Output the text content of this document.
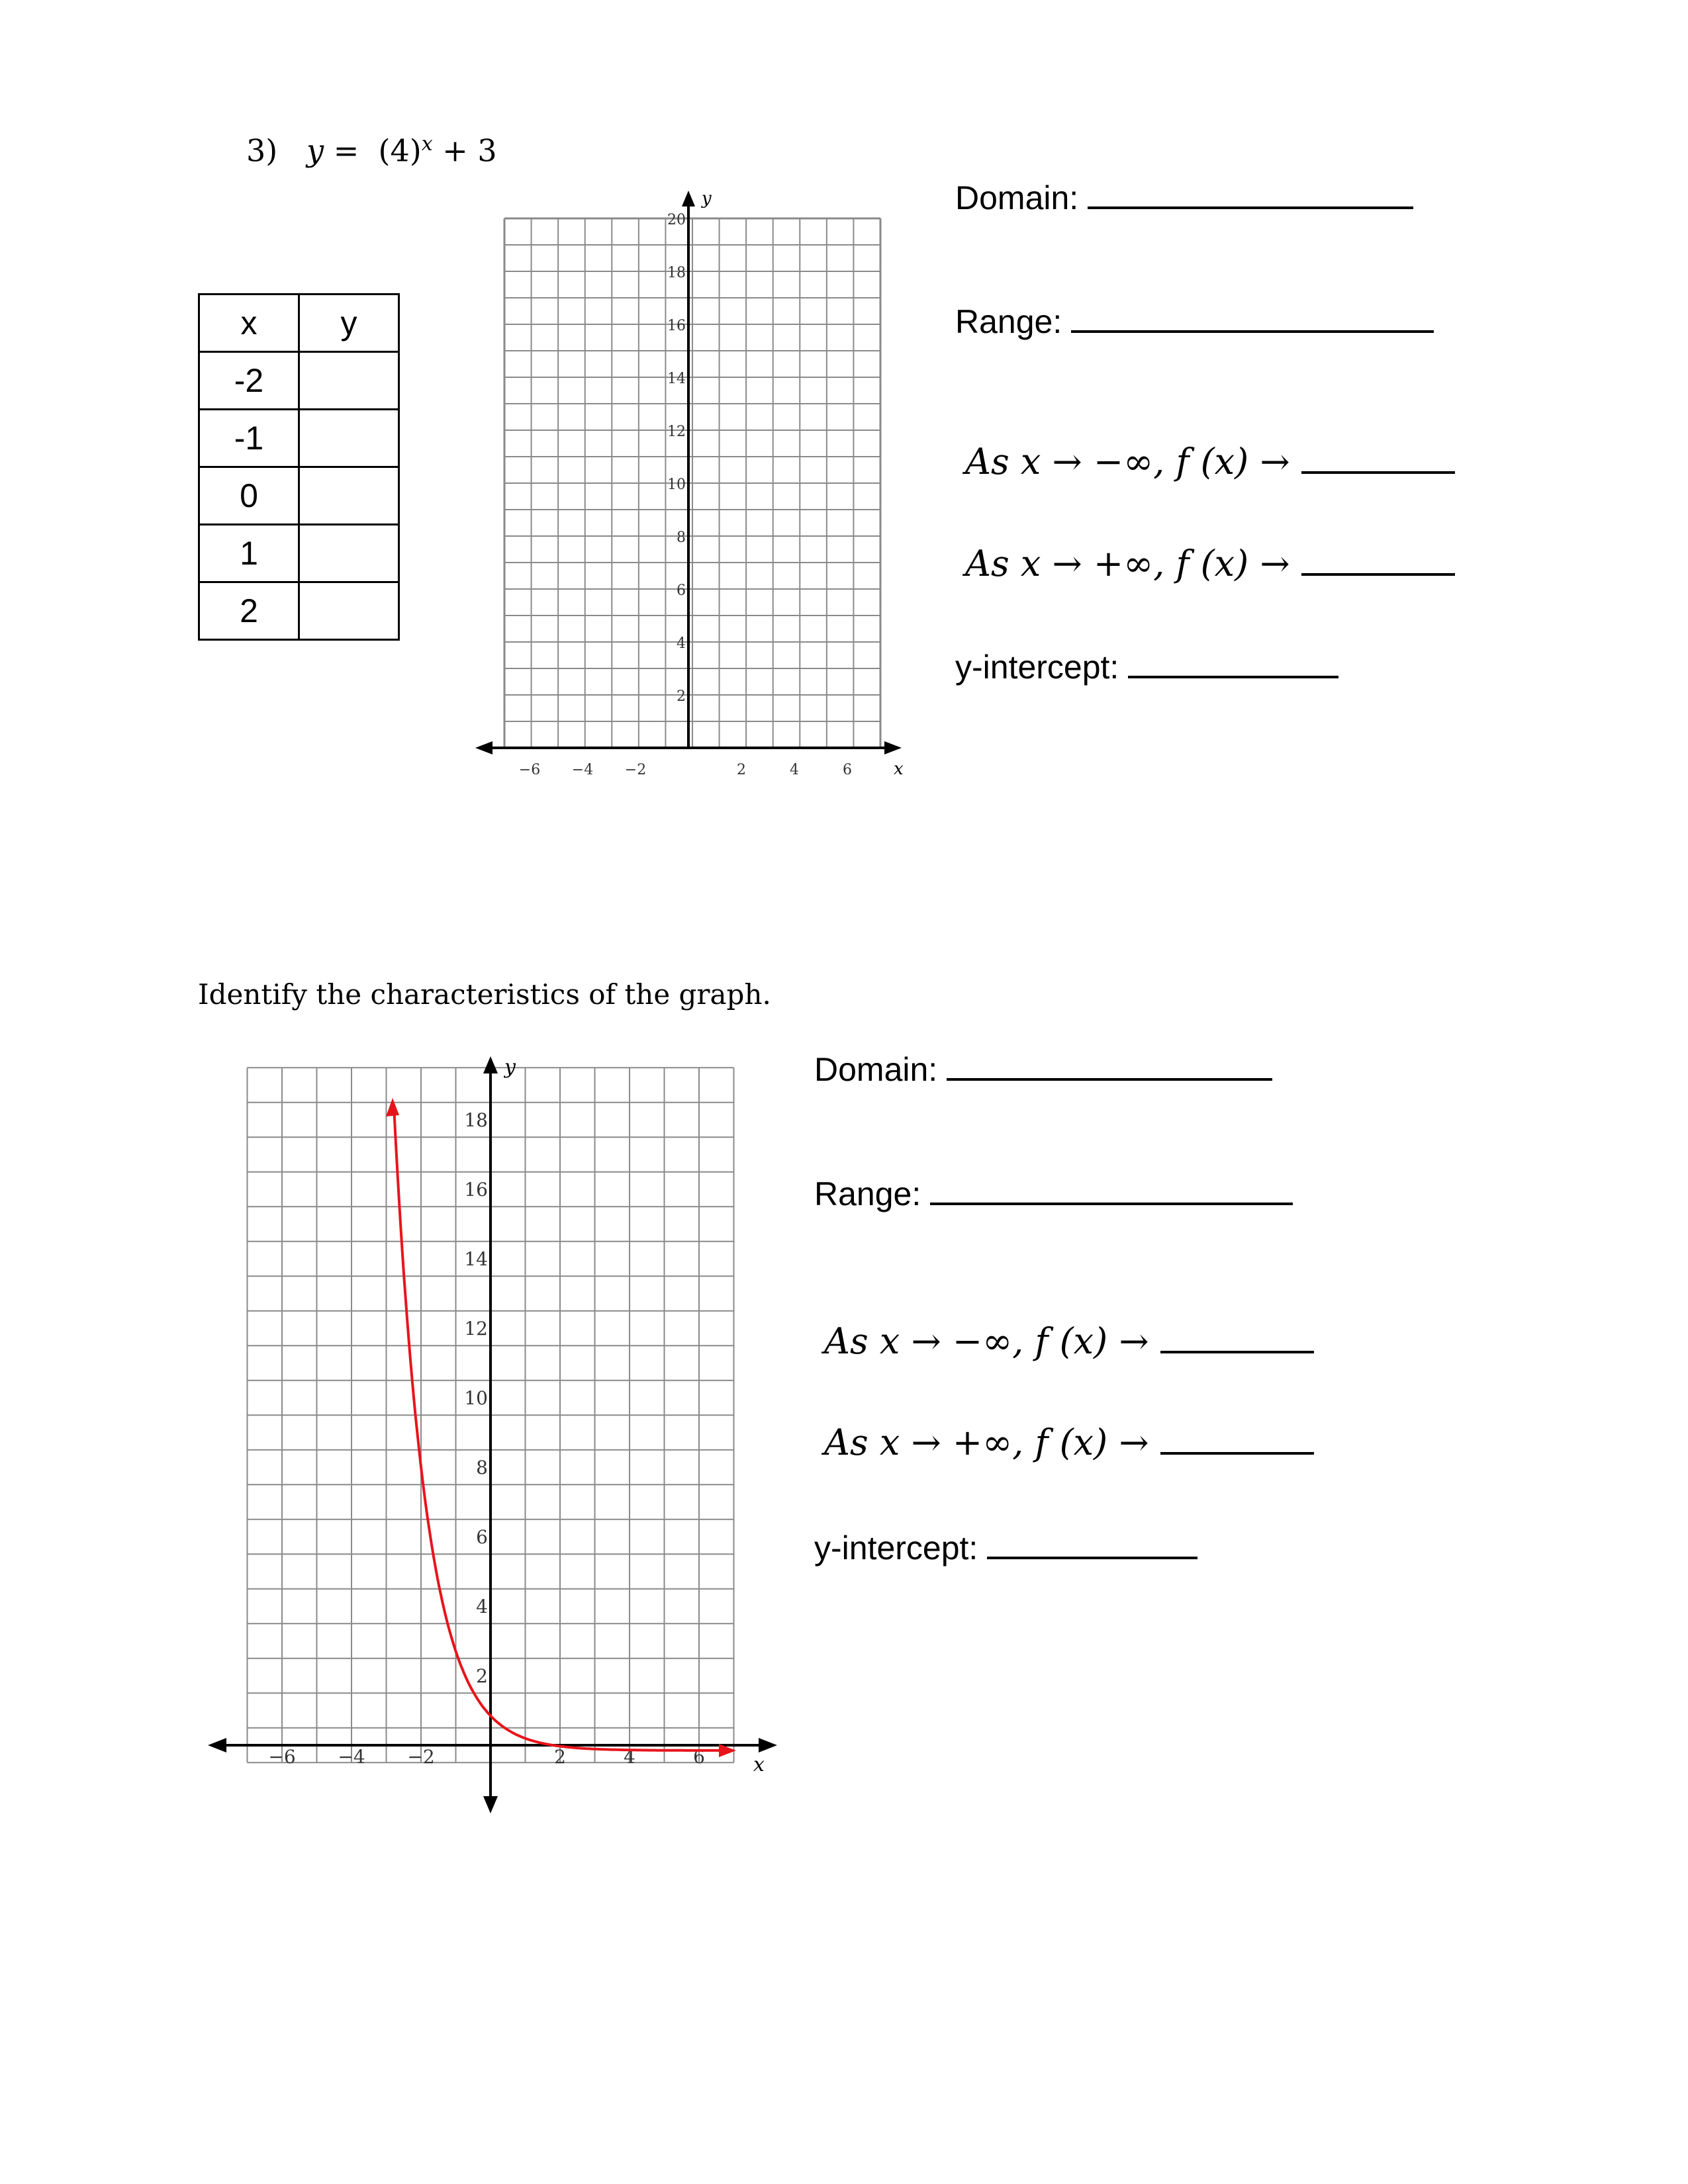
3) $y = (4)^x + 3$
x	y
-2	
-1	
0	
1	
2	
y
x
20
18
16
14
12
10
8
6
4
2
−6 −4 −2	2	4	6
Domain:
Range:
As x → −∞, f (x) →
As x → +∞, f (x) →
y-intercept:
Identify the characteristics of the graph.
y
x
18
16
14
12
10
8
6
4
2
−6 −4 −2	2	4	6
Domain:
Range:
As x → −∞, f (x) →
As x → +∞, f (x) →
y-intercept:
